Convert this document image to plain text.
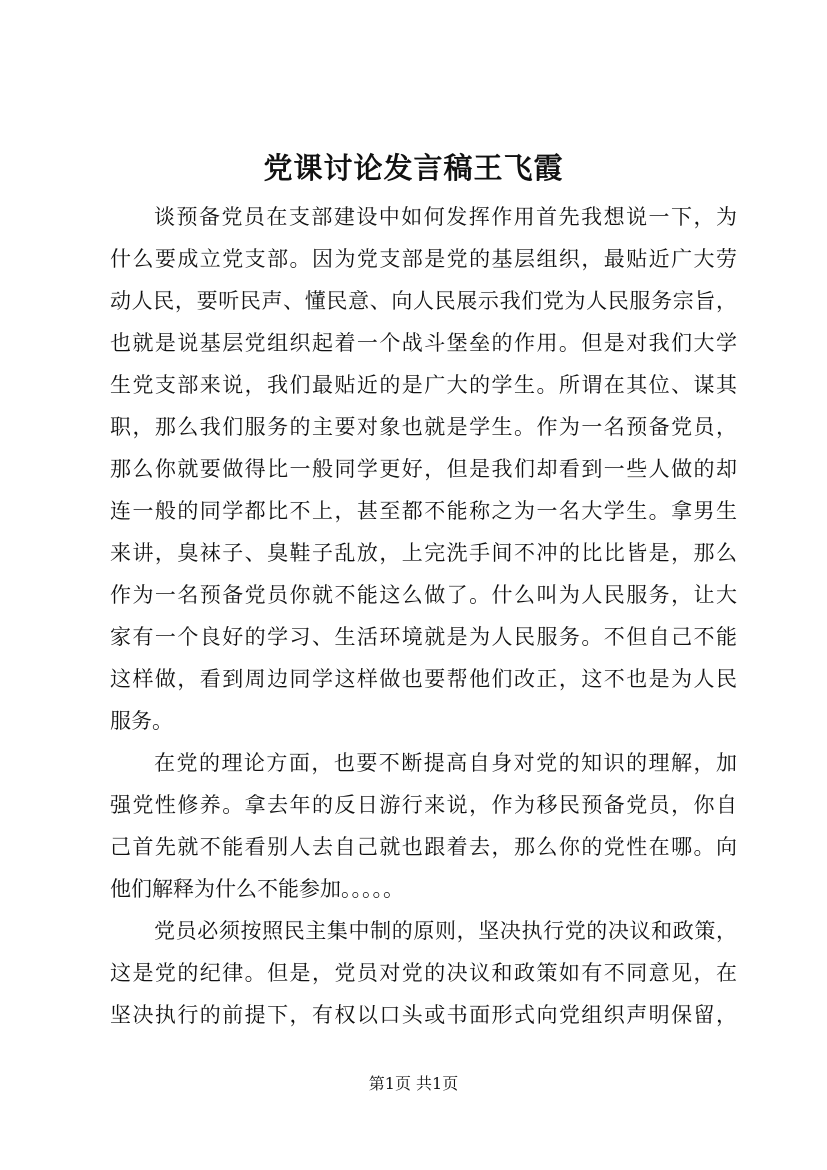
党课讨论发言稿王飞霞
谈预备党员在支部建设中如何发挥作用首先我想说一下，为
什么要成立党支部。因为党支部是党的基层组织，最贴近广大劳
动人民，要听民声、懂民意、向人民展示我们党为人民服务宗旨，
也就是说基层党组织起着一个战斗堡垒的作用。但是对我们大学
生党支部来说，我们最贴近的是广大的学生。所谓在其位、谋其
职，那么我们服务的主要对象也就是学生。作为一名预备党员，
那么你就要做得比一般同学更好，但是我们却看到一些人做的却
连一般的同学都比不上，甚至都不能称之为一名大学生。拿男生
来讲，臭袜子、臭鞋子乱放，上完洗手间不冲的比比皆是，那么
作为一名预备党员你就不能这么做了。什么叫为人民服务，让大
家有一个良好的学习、生活环境就是为人民服务。不但自己不能
这样做，看到周边同学这样做也要帮他们改正，这不也是为人民
服务。
在党的理论方面，也要不断提高自身对党的知识的理解，加
强党性修养。拿去年的反日游行来说，作为移民预备党员，你自
己首先就不能看别人去自己就也跟着去，那么你的党性在哪。向
他们解释为什么不能参加。。。。。
党员必须按照民主集中制的原则，坚决执行党的决议和政策，
这是党的纪律。但是，党员对党的决议和政策如有不同意见，在
坚决执行的前提下，有权以口头或书面形式向党组织声明保留，
第1页 共1页
